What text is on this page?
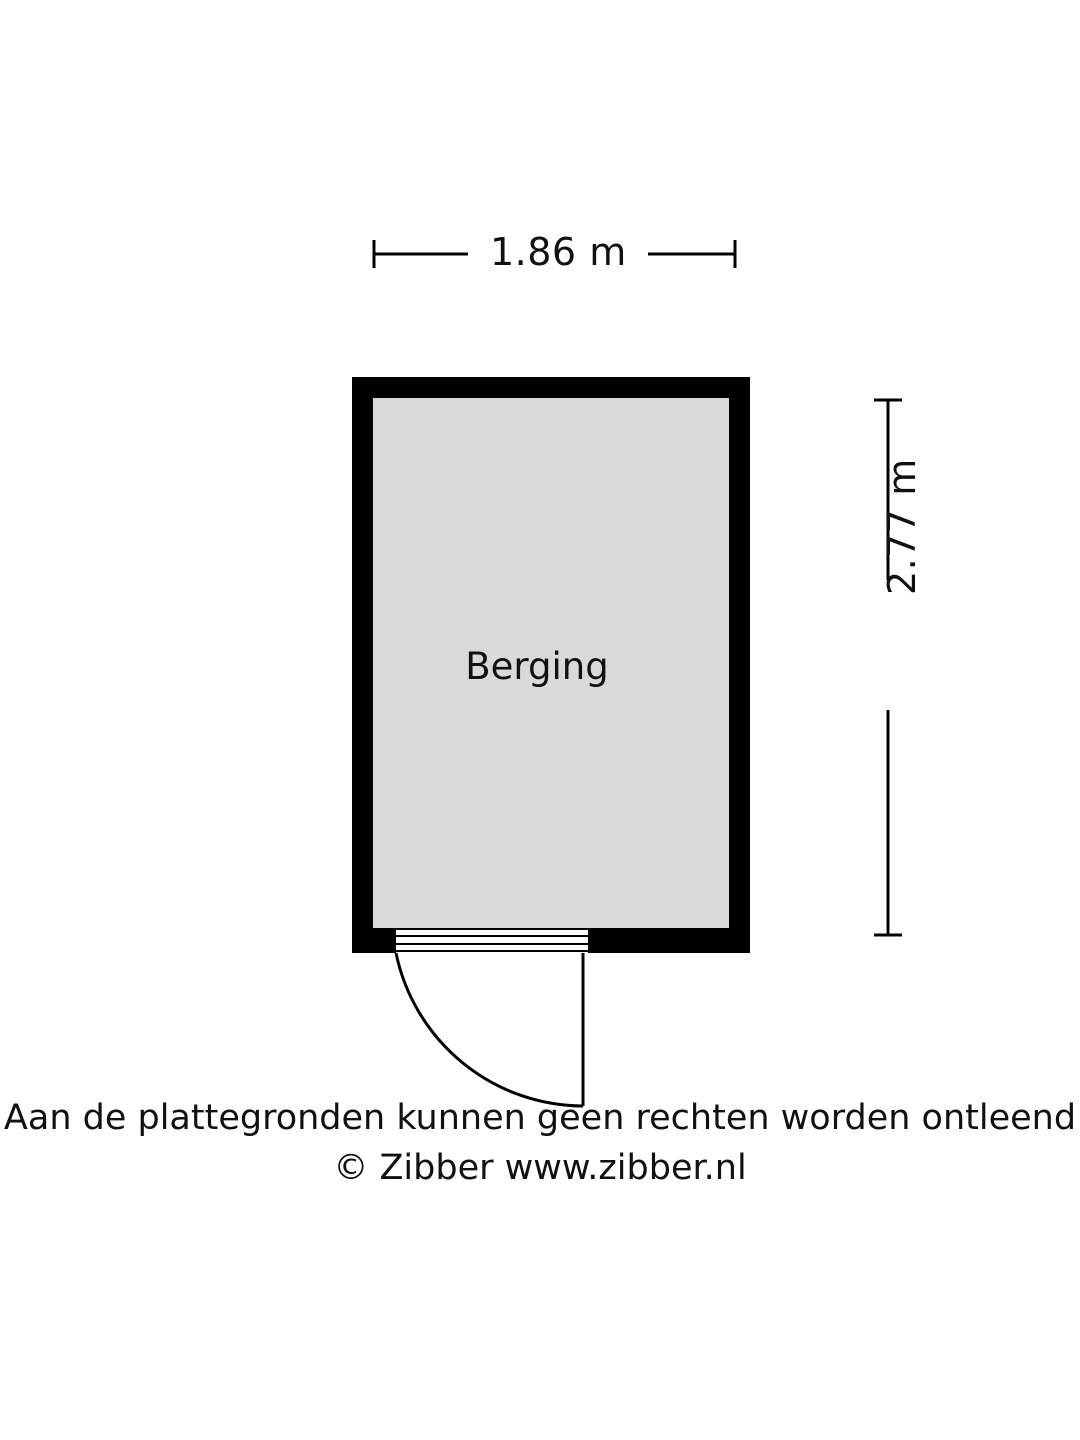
1.86 m
2.77 m
Berging
Aan de plattegronden kunnen geen rechten worden ontleend
© Zibber www.zibber.nl
